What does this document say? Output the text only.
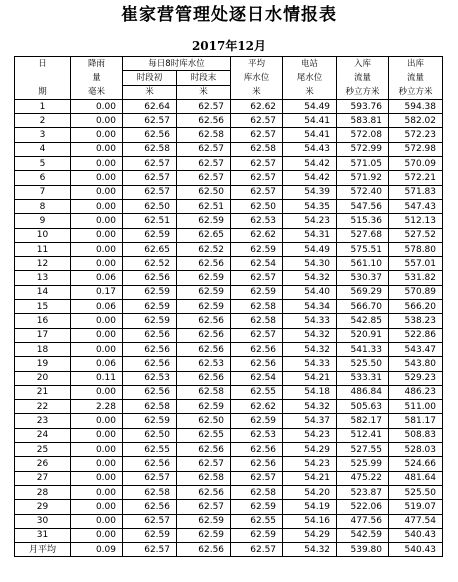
崔家营管理处逐日水情报表
2017年12月
日	降雨	每日8时库水位		平均	电站	入库	出库
	量	时段初	时段末	库水位	尾水位	流量	流量
期	毫米	米	米	米	米	秒立方米	秒立方米
1	0.00	62.64	62.57	62.62	54.49	593.76	594.38
2	0.00	62.57	62.56	62.57	54.41	583.81	582.02
3	0.00	62.56	62.58	62.57	54.41	572.08	572.23
4	0.00	62.58	62.57	62.58	54.43	572.99	572.98
5	0.00	62.57	62.57	62.57	54.42	571.05	570.09
6	0.00	62.57	62.57	62.57	54.42	571.92	572.21
7	0.00	62.57	62.50	62.57	54.39	572.40	571.83
8	0.00	62.50	62.51	62.50	54.35	547.56	547.43
9	0.00	62.51	62.59	62.53	54.23	515.36	512.13
10	0.00	62.59	62.65	62.62	54.31	527.68	527.52
11	0.00	62.65	62.52	62.59	54.49	575.51	578.80
12	0.00	62.52	62.56	62.54	54.30	561.10	557.01
13	0.06	62.56	62.59	62.57	54.32	530.37	531.82
14	0.17	62.59	62.59	62.59	54.40	569.29	570.89
15	0.06	62.59	62.59	62.58	54.34	566.70	566.20
16	0.00	62.59	62.56	62.58	54.33	542.85	538.23
17	0.00	62.56	62.56	62.57	54.32	520.91	522.86
18	0.00	62.56	62.56	62.56	54.32	541.33	543.47
19	0.06	62.56	62.53	62.56	54.33	525.50	543.80
20	0.11	62.53	62.56	62.54	54.21	533.31	529.23
21	0.00	62.56	62.58	62.55	54.18	486.84	486.23
22	2.28	62.58	62.59	62.62	54.32	505.63	511.00
23	0.00	62.59	62.50	62.59	54.37	582.17	581.17
24	0.00	62.50	62.55	62.53	54.23	512.41	508.83
25	0.00	62.55	62.56	62.56	54.29	527.55	528.03
26	0.00	62.56	62.57	62.56	54.23	525.99	524.66
27	0.00	62.57	62.58	62.57	54.21	475.22	481.64
28	0.00	62.58	62.56	62.58	54.20	523.87	525.50
29	0.00	62.56	62.57	62.59	54.19	522.06	519.07
30	0.00	62.57	62.59	62.55	54.16	477.56	477.54
31	0.00	62.59	62.59	62.59	54.29	542.59	540.43
月平均	0.09	62.57	62.56	62.57	54.32	539.80	540.43
